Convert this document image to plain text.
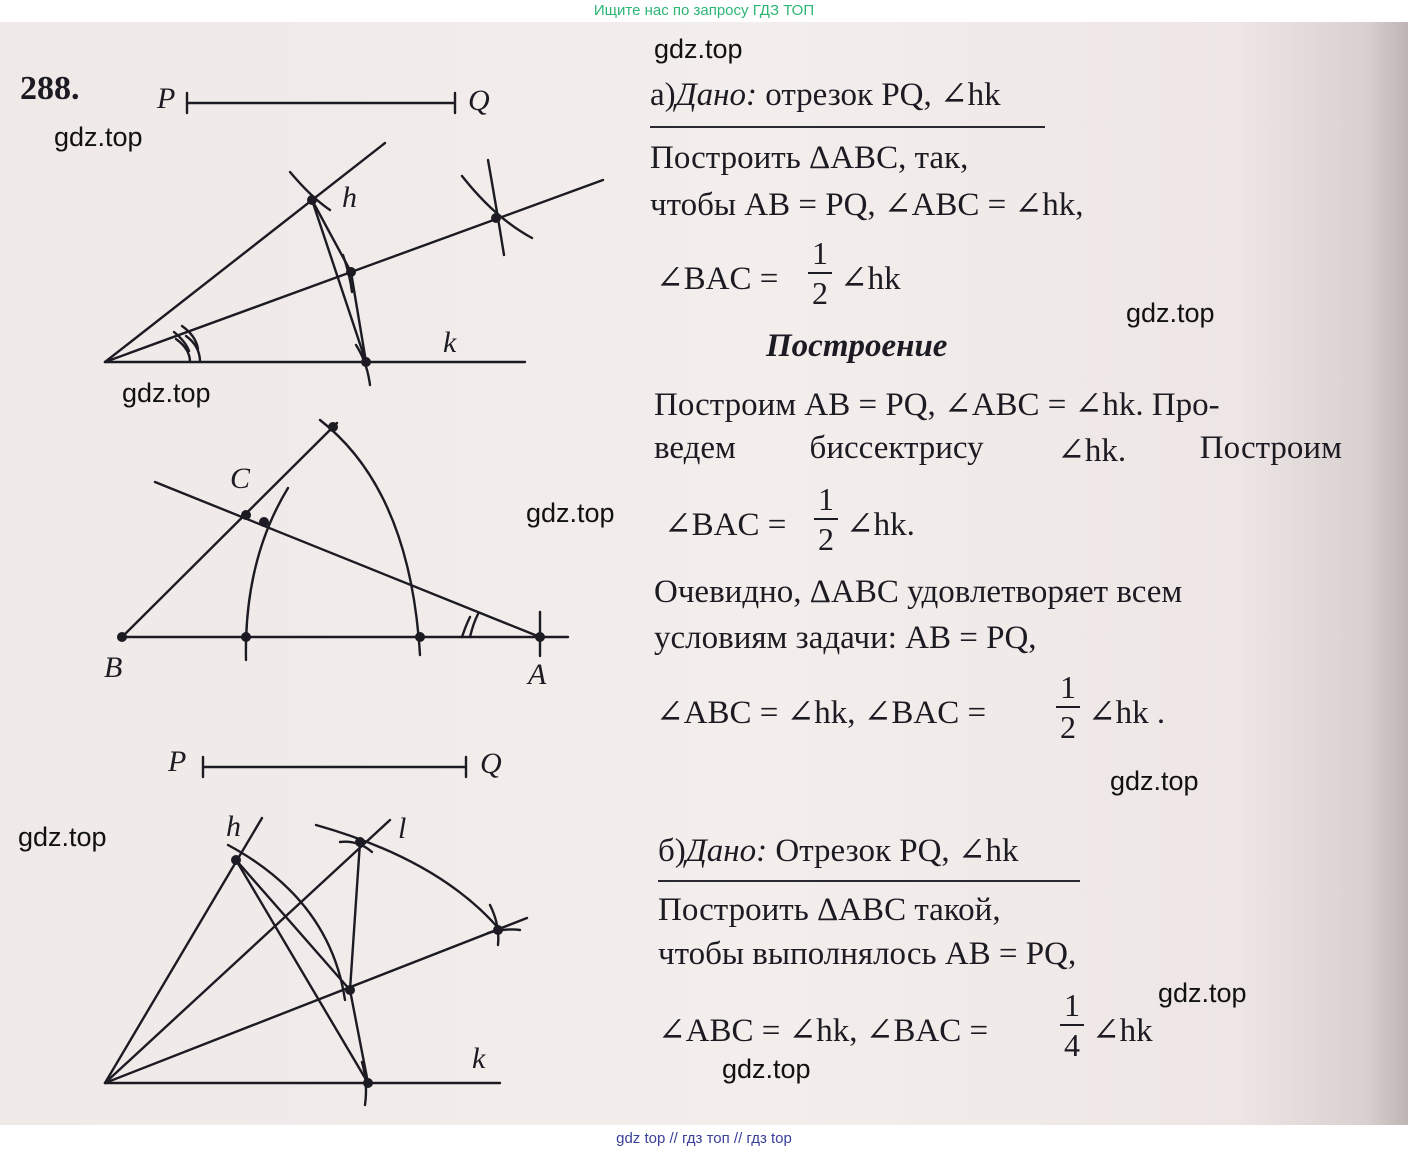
Ищите нас по запросу ГДЗ ТОП
P	Q
h
k
C
B	A
P	Q
h	l
k
288.	а)Дано: отрезок PQ, ∠hk
Построить ΔABC, так,
чтобы AB = PQ, ∠ABC = ∠hk,
∠BAC =
1
2 ∠hk
Построение
Построим AB = PQ, ∠ABC = ∠hk. Про-
ведем биссектрису ∠hk. Построим
∠BAC =
1
2 ∠hk.
Очевидно, ΔABC удовлетворяет всем
условиям задачи: AB = PQ,
∠ABC = ∠hk, ∠BAC =
1
2 ∠hk .
б)Дано: Отрезок PQ, ∠hk
Построить ΔABC такой,
чтобы выполнялось AB = PQ,
∠ABC = ∠hk, ∠BAC =
1
4 ∠hk
gdz.top
gdz.top
gdz.top
gdz.top
gdz.top
gdz.top
gdz.top
gdz.top
gdz.top
gdz top // гдз топ // гдз top
